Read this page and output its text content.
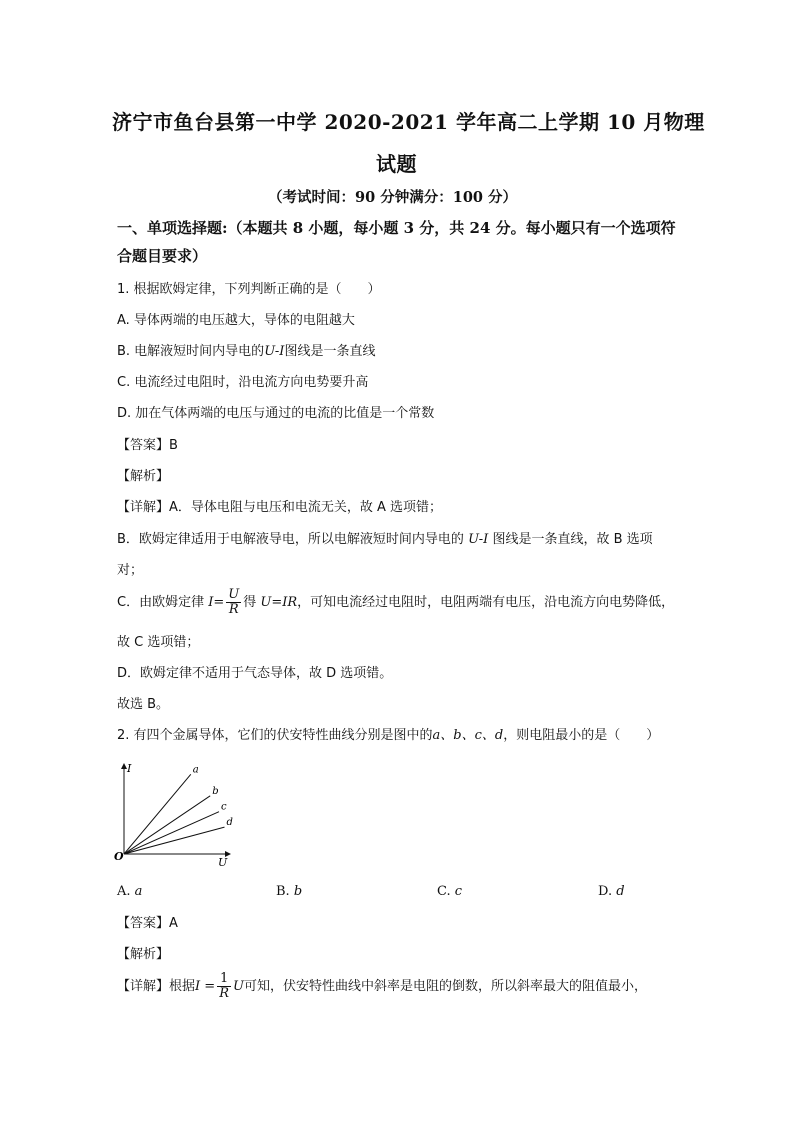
济宁市鱼台县第一中学 2020-2021 学年高二上学期 10 月物理
试题
（考试时间：90 分钟满分：100 分）
一、单项选择题:（本题共 8 小题，每小题 3 分，共 24 分。每小题只有一个选项符
合题目要求）
1. 根据欧姆定律，下列判断正确的是（　　）
A. 导体两端的电压越大，导体的电阻越大
B. 电解液短时间内导电的U-I图线是一条直线
C. 电流经过电阻时，沿电流方向电势要升高
D. 加在气体两端的电压与通过的电流的比值是一个常数
【答案】B
【解析】
【详解】A．导体电阻与电压和电流无关，故 A 选项错；
B．欧姆定律适用于电解液导电，所以电解液短时间内导电的 U-I 图线是一条直线，故 B 选项
对；
C．由欧姆定律 $I= \frac{U}{R}$ 得 U=IR，可知电流经过电阻时，电阻两端有电压，沿电流方向电势降低，
故 C 选项错；
D．欧姆定律不适用于气态导体，故 D 选项错。
故选 B。
2. 有四个金属导体，它们的伏安特性曲线分别是图中的a、b、c、d，则电阻最小的是（　　）
I
U
O
a
b
c
d
A. a	B. b	C. c	D. d
【答案】A
【解析】
【详解】根据$I = \frac{1}{R}$ U可知，伏安特性曲线中斜率是电阻的倒数，所以斜率最大的阻值最小，
